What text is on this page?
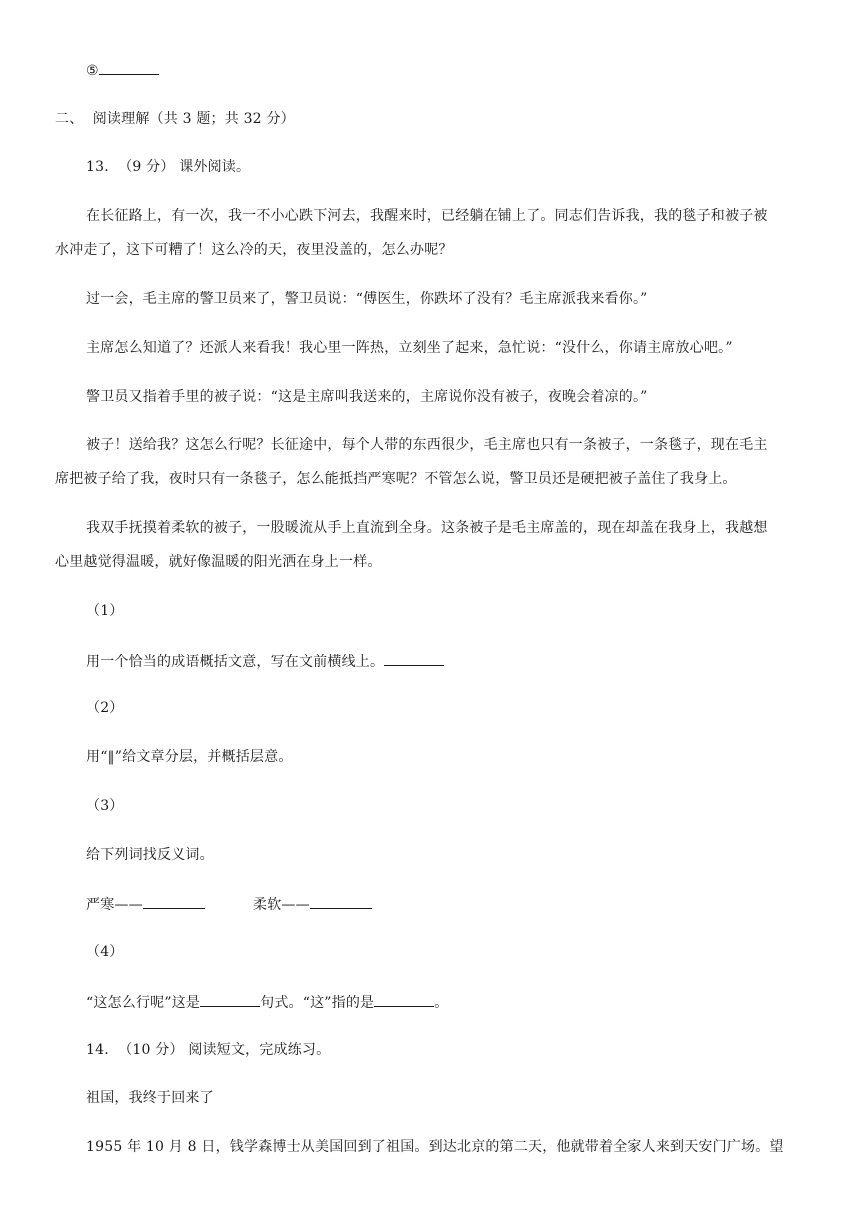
⑤
二、 阅读理解（共 3 题；共 32 分）
13. （9 分） 课外阅读。
在长征路上，有一次，我一不小心跌下河去，我醒来时，已经躺在铺上了。同志们告诉我，我的毯子和被子被
水冲走了，这下可糟了！这么冷的天，夜里没盖的，怎么办呢？
过一会，毛主席的警卫员来了，警卫员说：“傅医生，你跌坏了没有？毛主席派我来看你。”
主席怎么知道了？还派人来看我！我心里一阵热，立刻坐了起来，急忙说：“没什么，你请主席放心吧。”
警卫员又指着手里的被子说：“这是主席叫我送来的，主席说你没有被子，夜晚会着凉的。”
被子！送给我？这怎么行呢？长征途中，每个人带的东西很少，毛主席也只有一条被子，一条毯子，现在毛主
席把被子给了我，夜时只有一条毯子，怎么能抵挡严寒呢？不管怎么说，警卫员还是硬把被子盖住了我身上。
我双手抚摸着柔软的被子，一股暖流从手上直流到全身。这条被子是毛主席盖的，现在却盖在我身上，我越想
心里越觉得温暖，就好像温暖的阳光洒在身上一样。
（1）
用一个恰当的成语概括文意，写在文前横线上。
（2）
用“‖”给文章分层，并概括层意。
（3）
给下列词找反义词。
严寒——	柔软——
（4）
“这怎么行呢”这是	句式。“这”指的是	。
14. （10 分） 阅读短文，完成练习。
祖国，我终于回来了
1955 年 10 月 8 日，钱学森博士从美国回到了祖国。到达北京的第二天，他就带着全家人来到天安门广场。望
